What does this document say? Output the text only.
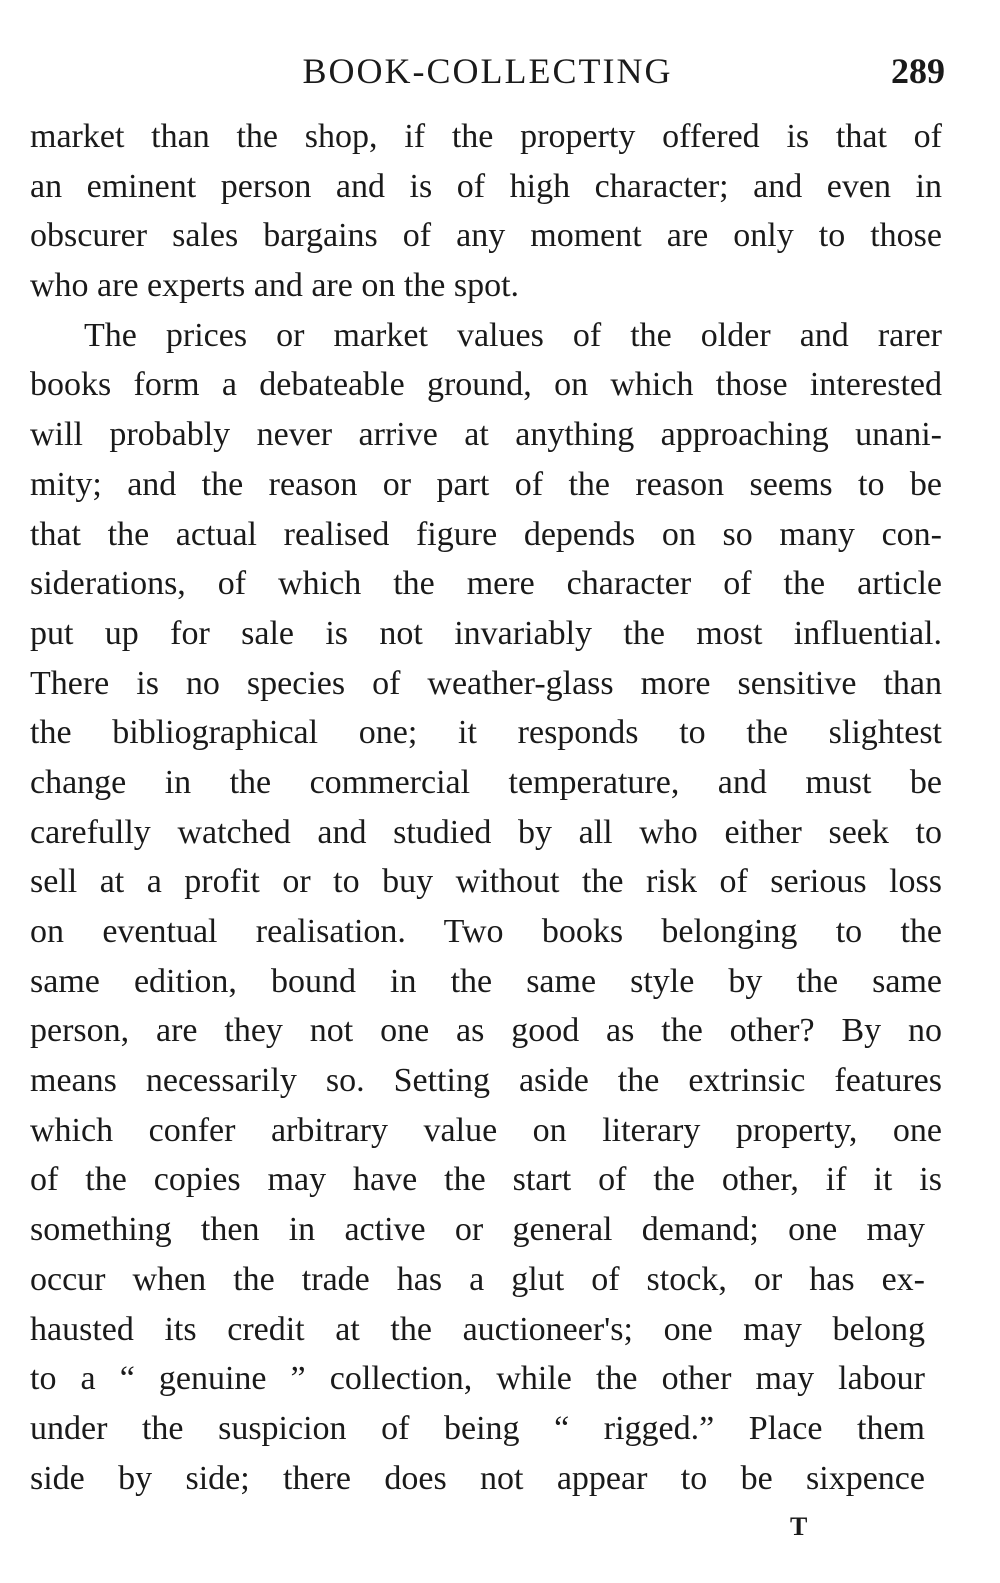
BOOK-COLLECTING	289
market than the shop, if the property offered is that of
an eminent person and is of high character; and even in
obscurer sales bargains of any moment are only to those
who are experts and are on the spot.
The prices or market values of the older and rarer
books form a debateable ground, on which those interested
will probably never arrive at anything approaching unani-
mity; and the reason or part of the reason seems to be
that the actual realised figure depends on so many con-
siderations, of which the mere character of the article
put up for sale is not invariably the most influential.
There is no species of weather-glass more sensitive than
the bibliographical one; it responds to the slightest
change in the commercial temperature, and must be
carefully watched and studied by all who either seek to
sell at a profit or to buy without the risk of serious loss
on eventual realisation. Two books belonging to the
same edition, bound in the same style by the same
person, are they not one as good as the other? By no
means necessarily so. Setting aside the extrinsic features
which confer arbitrary value on literary property, one
of the copies may have the start of the other, if it is
something then in active or general demand; one may
occur when the trade has a glut of stock, or has ex-
hausted its credit at the auctioneer's; one may belong
to a “ genuine ” collection, while the other may labour
under the suspicion of being “ rigged.” Place them
side by side; there does not appear to be sixpence
T
